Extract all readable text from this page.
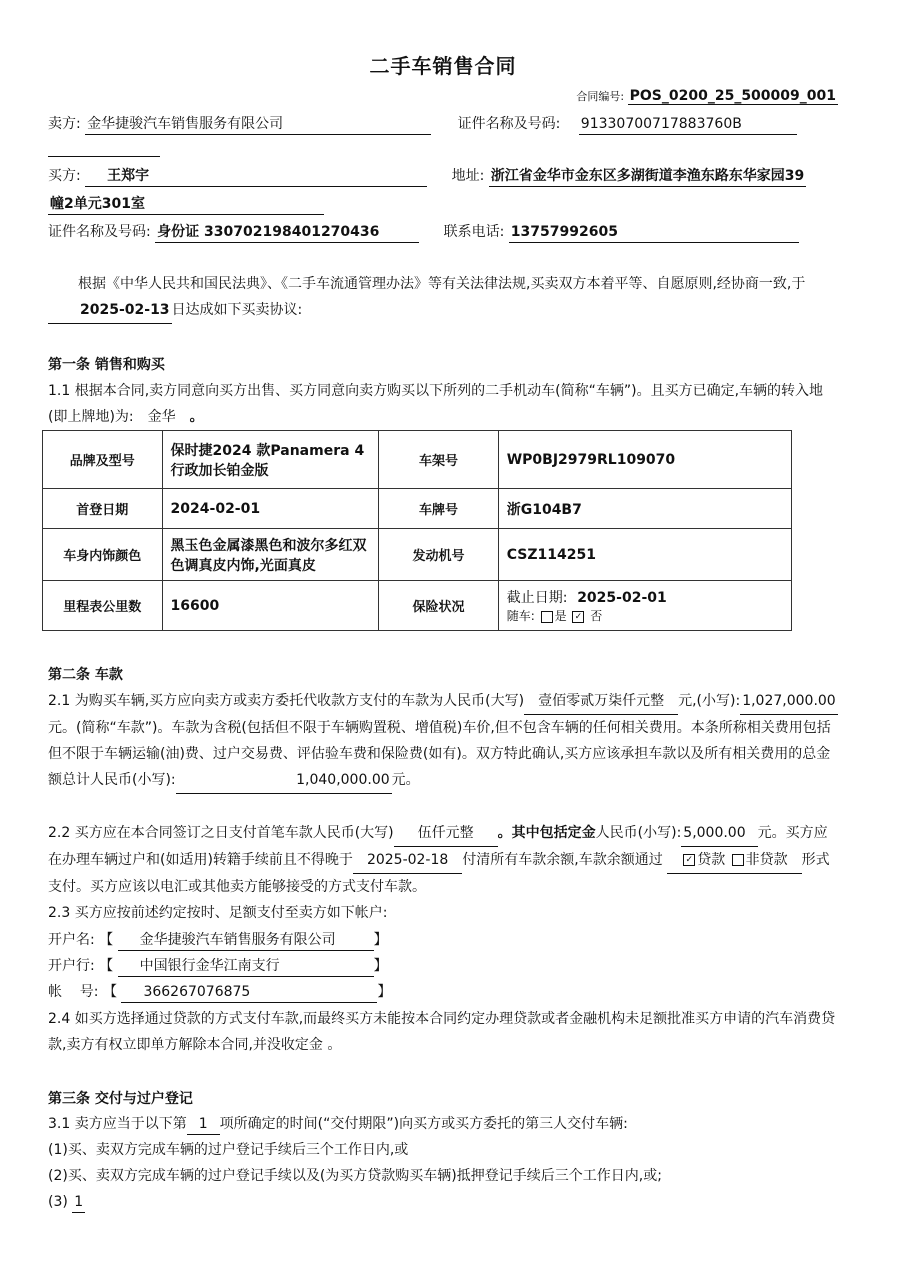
二手车销售合同
合同编号: POS_0200_25_500009_001
卖方: 金华捷骏汽车销售服务有限公司	证件名称及号码: 91330700717883760B
买方: 王郑宇	地址: 浙江省金华市金东区多湖街道李渔东路东华家园39
幢2单元301室
证件名称及号码: 身份证 330702198401270436	联系电话: 13757992605
根据《中华人民共和国民法典》、《二手车流通管理办法》等有关法律法规,买卖双方本着平等、自愿原则,经协商一致,于2025-02-13 日达成如下买卖协议:
第一条 销售和购买
1.1 根据本合同,卖方同意向买方出售、买方同意向卖方购买以下所列的二手机动车(简称“车辆”)。且买方已确定,车辆的转入地(即上牌地)为: 金华 。
品牌及型号	保时捷2024 款Panamera 4 行政加长铂金版	车架号	WP0BJ2979RL109070
首登日期	2024-02-01	车牌号	浙G104B7
车身内饰颜色	黑玉色金属漆黑色和波尔多红双色调真皮内饰,光面真皮	发动机号	CSZ114251
里程表公里数	16600	保险状况	截止日期: 2025-02-01
随车: 是 ✓ 否
第二条 车款
2.1 为购买车辆,买方应向卖方或卖方委托代收款方支付的车款为人民币(大写) 壹佰零贰万柒仟元整 元,(小写): 1,027,000.00元。(简称“车款”)。车款为含税(包括但不限于车辆购置税、增值税)车价,但不包含车辆的任何相关费用。本条所称相关费用包括但不限于车辆运输(油)费、过户交易费、评估验车费和保险费(如有)。双方特此确认,买方应该承担车款以及所有相关费用的总金额总计人民币(小写):	1,040,000.00 元。
2.2 买方应在本合同签订之日支付首笔车款人民币(大写) 伍仟元整 。其中包括定金人民币(小写): 5,000.00 元。买方应在办理车辆过户和(如适用)转籍手续前且不得晚于 2025-02-18 付清所有车款余额,车款余额通过	✓ 贷款 非贷款 形式支付。买方应该以电汇或其他卖方能够接受的方式支付车款。
2.3 买方应按前述约定按时、足额支付至卖方如下帐户:
开户名: 【 金华捷骏汽车销售服务有限公司	】
开户行: 【 中国银行金华江南支行	】
帐    号: 【 366267076875	】
2.4 如买方选择通过贷款的方式支付车款,而最终买方未能按本合同约定办理贷款或者金融机构未足额批准买方申请的汽车消费贷款,卖方有权立即单方解除本合同,并没收定金 。
第三条 交付与过户登记
3.1 卖方应当于以下第 1 项所确定的时间(“交付期限”)向买方或买方委托的第三人交付车辆:
(1)买、卖双方完成车辆的过户登记手续后三个工作日内,或
(2)买、卖双方完成车辆的过户登记手续以及(为买方贷款购买车辆)抵押登记手续后三个工作日内,或;
(3) 1
